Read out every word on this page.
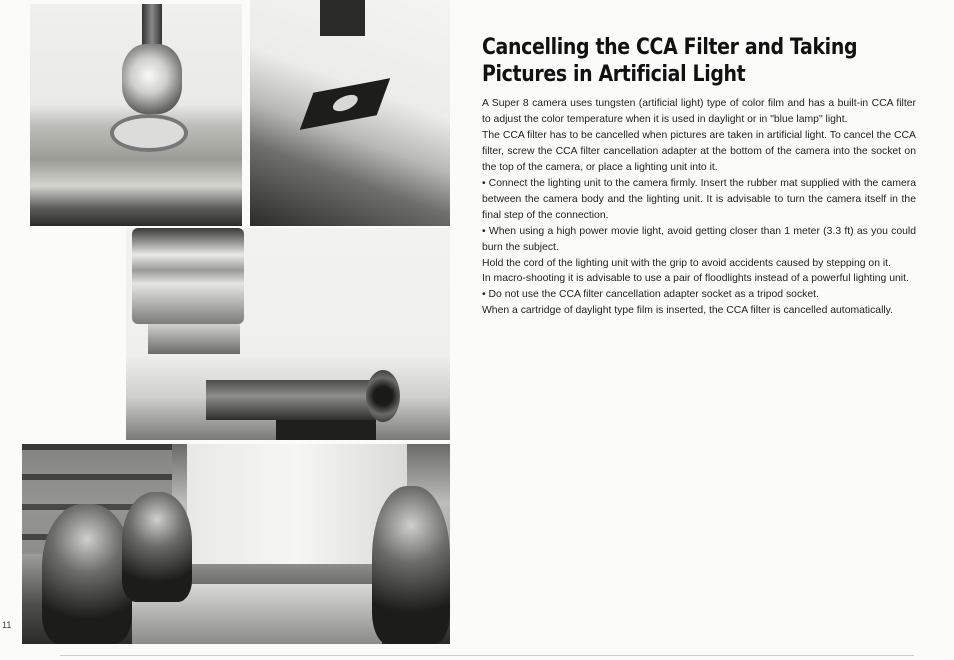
Cancelling the CCA Filter and Taking Pictures in Artificial Light

A Super 8 camera uses tungsten (artificial light) type of color film and has a built-in CCA filter to adjust the color temperature when it is used in daylight or in "blue lamp" light.

The CCA filter has to be cancelled when pictures are taken in artificial light. To cancel the CCA filter, screw the CCA filter cancellation adapter at the bottom of the camera into the socket on the top of the camera, or place a lighting unit into it.

• Connect the lighting unit to the camera firmly. Insert the rubber mat supplied with the camera between the camera body and the lighting unit. It is advisable to turn the camera itself in the final step of the connection.

• When using a high power movie light, avoid getting closer than 1 meter (3.3 ft) as you could burn the subject.

Hold the cord of the lighting unit with the grip to avoid accidents caused by stepping on it.

In macro-shooting it is advisable to use a pair of floodlights instead of a powerful lighting unit.

• Do not use the CCA filter cancellation adapter socket as a tripod socket.

When a cartridge of daylight type film is inserted, the CCA filter is cancelled automatically.

11
